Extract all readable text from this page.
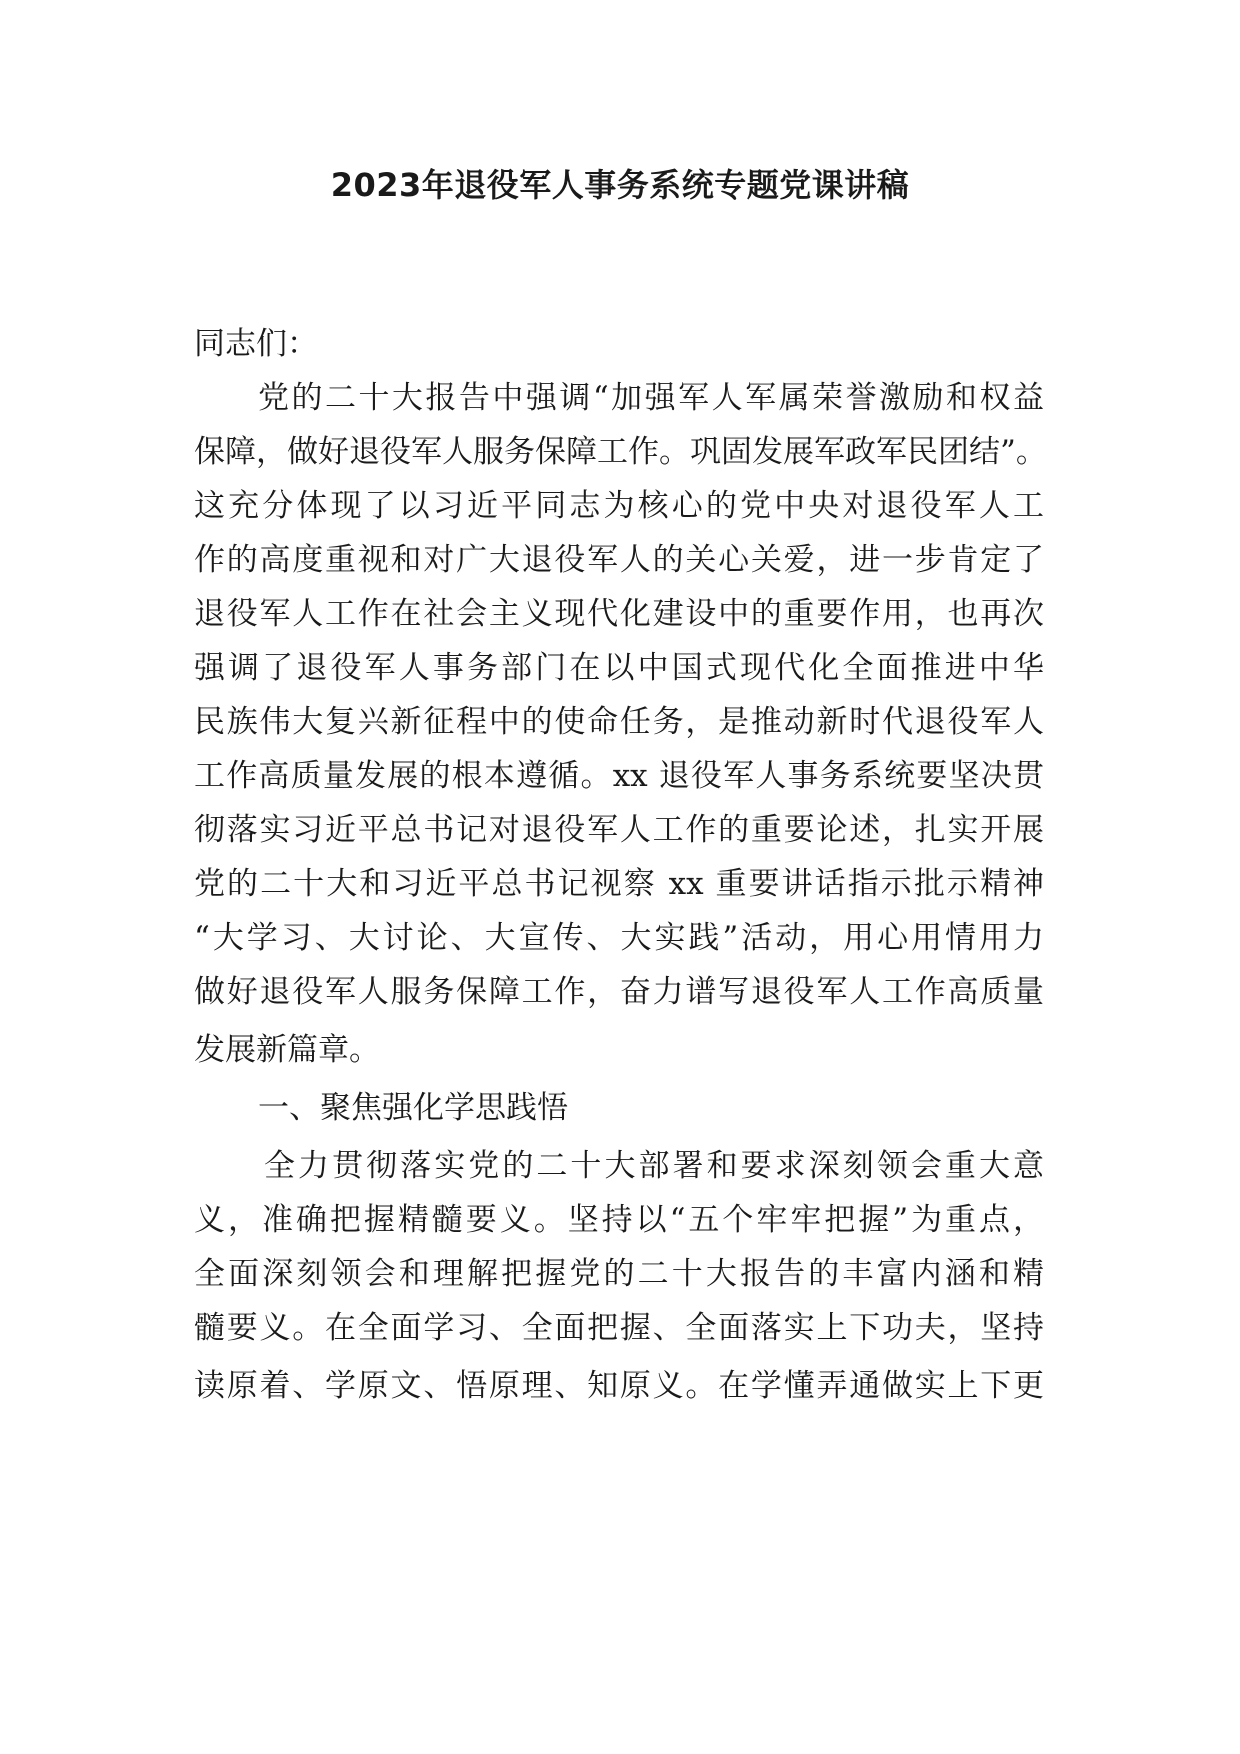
2023年退役军人事务系统专题党课讲稿
同志们：
党的二十大报告中强调“加强军人军属荣誉激励和权益
保障，做好退役军人服务保障工作。巩固发展军政军民团结”。
这充分体现了以习近平同志为核心的党中央对退役军人工
作的高度重视和对广大退役军人的关心关爱，进一步肯定了
退役军人工作在社会主义现代化建设中的重要作用，也再次
强调了退役军人事务部门在以中国式现代化全面推进中华
民族伟大复兴新征程中的使命任务，是推动新时代退役军人
工作高质量发展的根本遵循。xx 退役军人事务系统要坚决贯
彻落实习近平总书记对退役军人工作的重要论述，扎实开展
党的二十大和习近平总书记视察 xx 重要讲话指示批示精神
“大学习、大讨论、大宣传、大实践”活动，用心用情用力
做好退役军人服务保障工作，奋力谱写退役军人工作高质量
发展新篇章。
一、聚焦强化学思践悟
全力贯彻落实党的二十大部署和要求深刻领会重大意
义，准确把握精髓要义。坚持以“五个牢牢把握”为重点，
全面深刻领会和理解把握党的二十大报告的丰富内涵和精
髓要义。在全面学习、全面把握、全面落实上下功夫，坚持
读原着、学原文、悟原理、知原义。在学懂弄通做实上下更
